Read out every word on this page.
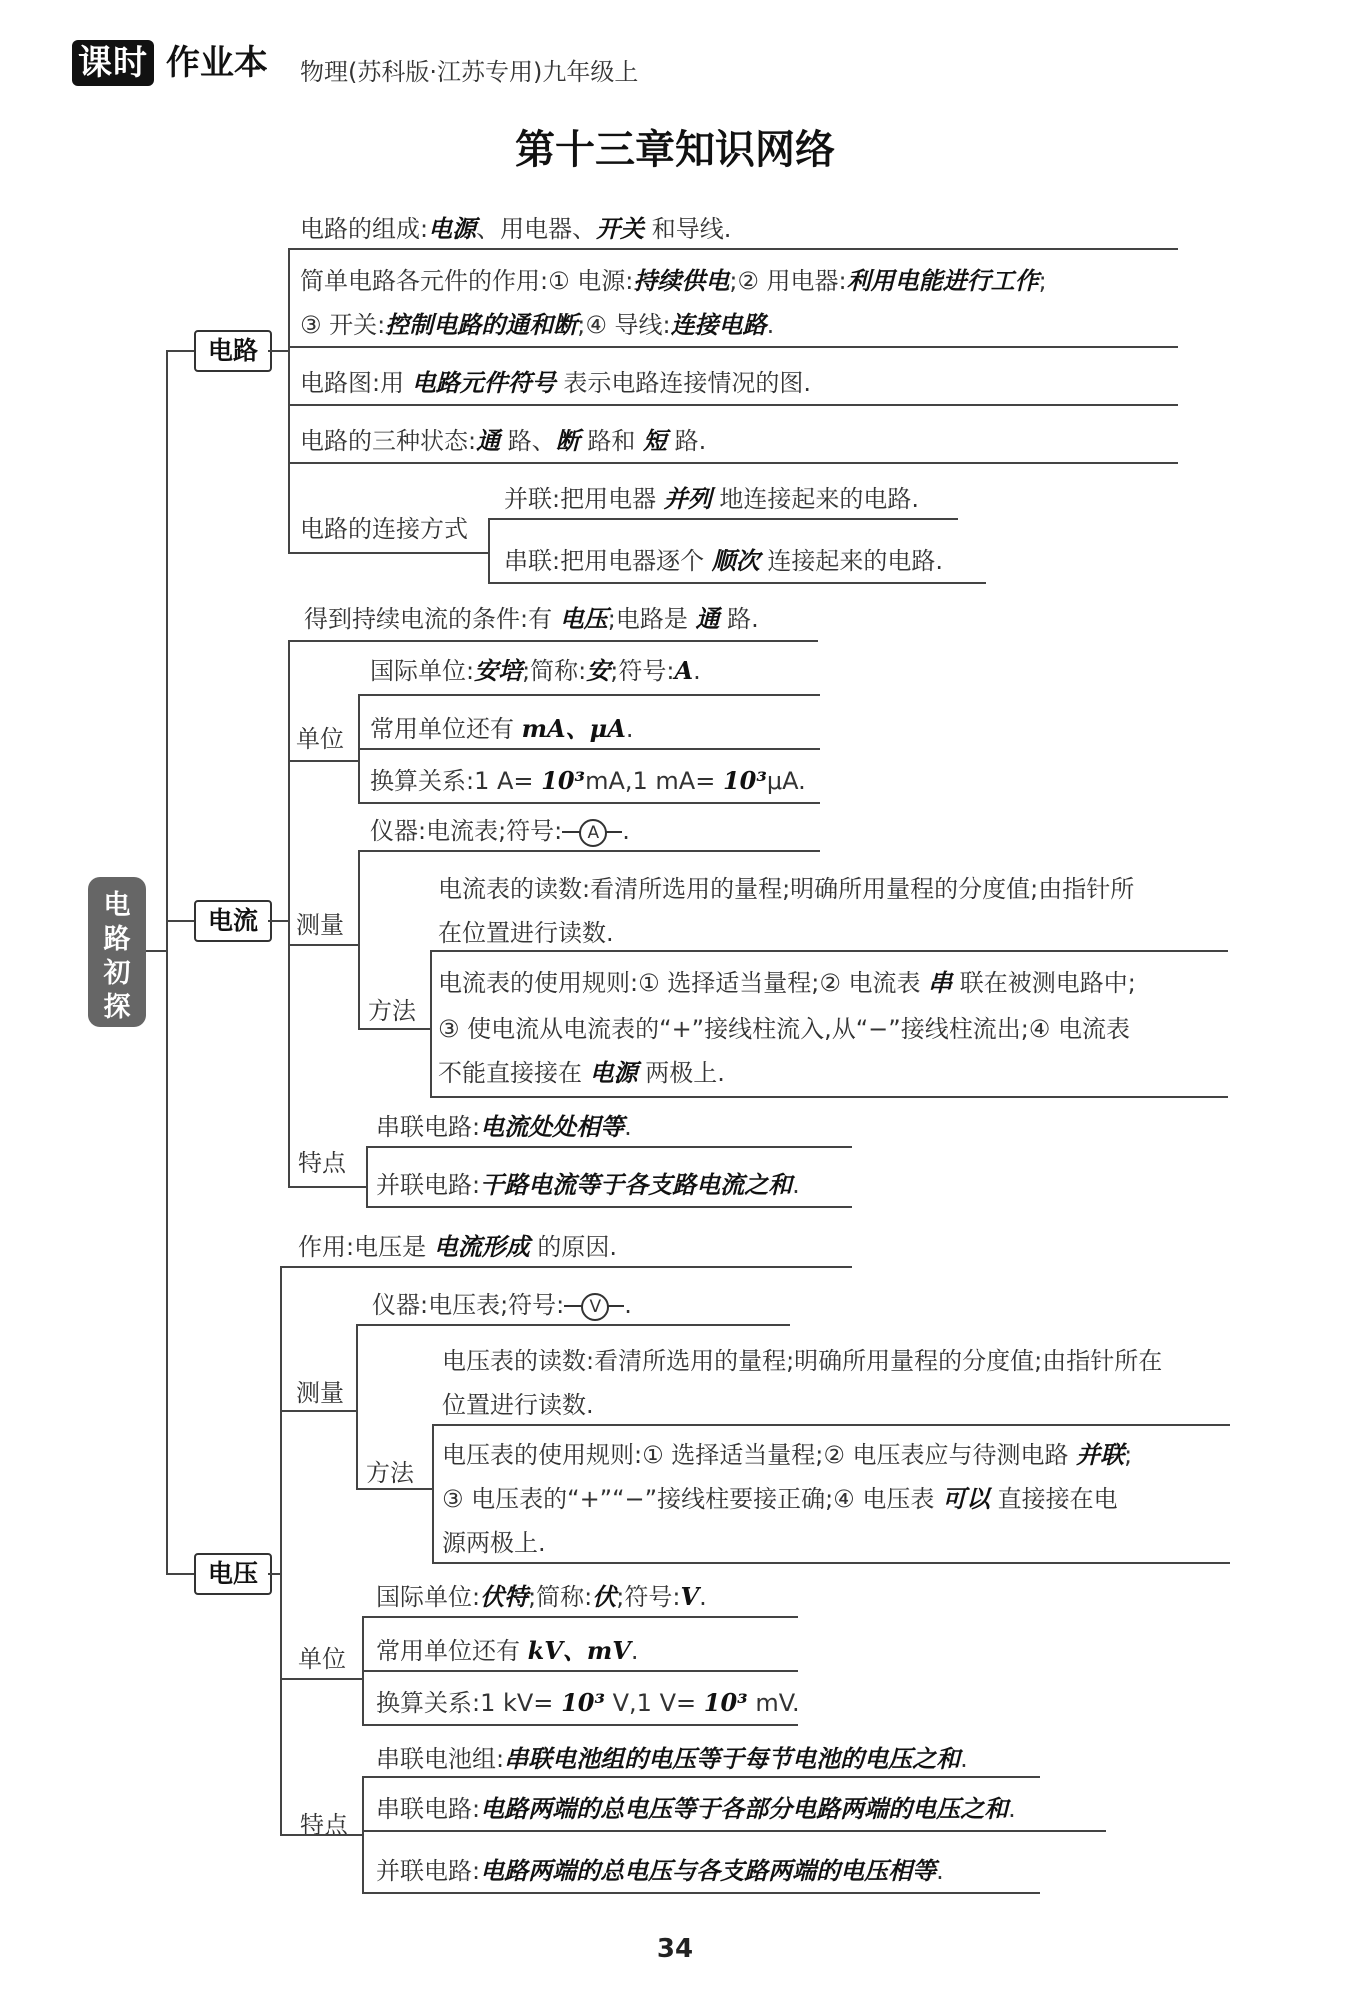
课时 作业本 物理(苏科版·江苏专用)九年级上
第十三章知识网络
电路初探
电路
电流
电压
电路的组成:电源、用电器、开关 和导线.
简单电路各元件的作用:① 电源:持续供电;② 用电器:利用电能进行工作;
③ 开关:控制电路的通和断;④ 导线:连接电路.
电路图:用 电路元件符号 表示电路连接情况的图.
电路的三种状态:通 路、断 路和 短 路.
电路的连接方式
并联:把用电器 并列 地连接起来的电路.
串联:把用电器逐个 顺次 连接起来的电路.
得到持续电流的条件:有 电压;电路是 通 路.
单位
国际单位:安培;简称:安;符号:A.
常用单位还有 mA、μA.
换算关系:1 A= 10³mA,1 mA= 10³μA.
测量
仪器:电流表;符号:	A .
方法
电流表的读数:看清所选用的量程;明确所用量程的分度值;由指针所
在位置进行读数.
电流表的使用规则:① 选择适当量程;② 电流表 串 联在被测电路中;
③ 使电流从电流表的“+”接线柱流入,从“−”接线柱流出;④ 电流表
不能直接接在 电源 两极上.
特点
串联电路:电流处处相等.
并联电路:干路电流等于各支路电流之和.
作用:电压是 电流形成 的原因.
测量
仪器:电压表;符号:	V .
方法
电压表的读数:看清所选用的量程;明确所用量程的分度值;由指针所在
位置进行读数.
电压表的使用规则:① 选择适当量程;② 电压表应与待测电路 并联;
③ 电压表的“+”“−”接线柱要接正确;④ 电压表 可以 直接接在电
源两极上.
单位
国际单位:伏特;简称:伏;符号:V.
常用单位还有 kV、mV.
换算关系:1 kV= 10³ V,1 V= 10³ mV.
特点
串联电池组:串联电池组的电压等于每节电池的电压之和.
串联电路:电路两端的总电压等于各部分电路两端的电压之和.
并联电路:电路两端的总电压与各支路两端的电压相等.
34
